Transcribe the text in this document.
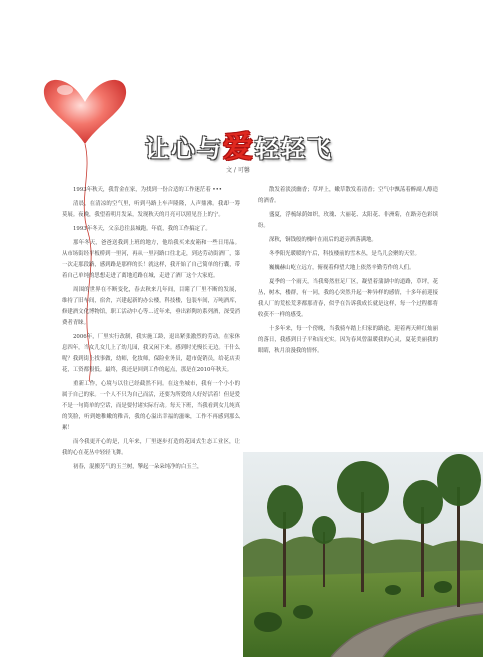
让心与爱轻轻飞
文 / 可馨

1993年秋天，我背金在家，为找到一份合适的工作迷茫着 •••

清晨，在清凉的空气里，听到马路上车声隆隆，人声鼎沸。我却一筹莫展。夜晚，我望着明月发呆，发现秋天的月亮可以照见吾上的宁。

1993年冬天，父亲总往县城跑。年底，我的工作搞定了。

那年冬天，爸爸送我到上班的地方，他给我买来皮箱和一些日用品。从市场街经平板桥到一里河，再从一里河路口往北走，到达劳动街酒厂，第一次走那段路，感到路是那样的长！就这样，我开始了自己简单的行囊，带着自己单纯的思想走进了离地近路在城，走进了酒厂这个大家庭。

周围的世界在不断变化，春去秋来几年间，目睹了厂里不断的发展，维持了旧车间，宿舍，兴建起新的办公楼，科技楼，包装车间，万吨酒库，修建酒文化博物馆，职工活动中心等…近年来，垂出彩陶坊系列酒，深受消费者青睐。

2006年，厂里实行改制，我实施工龄，退出紧张激烈的劳动。在家休息四年，当女儿女儿上了幼儿园，我又闲下来。感到时光慢长无边。干什么呢？我到街上找事做，幼师，化妆师，保险业务员，超市促销员，给花店卖花，工资都很低。最终，我还是回到工作的起点，那是在2010年秋天。

重新工作，心境与以往已经截然不同。在这坐城市，我有一个小小的属于自己的家。一个人不只为自己而活，还要为所爱的人好好活着！但是爱不是一句简单的空话，而是要付诸实际行动。每天下班，当我看到女儿纯真的笑脸，听到她稚嫩的稚音，我的心溢出幸福的滋味，工作不再感到那么累！

而今我更开心的是，几年来，厂里逐步打造的花园式生态工业区，让我的心在花丛中轻轻飞舞。

初春，混搬芳气的玉兰树，擎起一朵朵纯净的白玉兰，

散发着淡淡幽香；草坪上，嫩草散发着清香；空气中飘荡着醉副人醇造的酒香。

盛夏，浮梳绿荫如织，玫瑰、大丽花、太阳花、非洲菊，在路旁色彩缤纷。

深秋，铜钱般的槐叶在雨后的道旁洒落满地。

冬季阳光暖暖的午后，科技楼前的雪木丛，是鸟儿会聚的天堂。

巍巍赫山屹立远方，俯视着仰望大地上依然辛勤劳作的人们。

夏季的一个雨天，当我蓦然驻足厂区，凝望着蒲湖中的道路，草坪，花丛，树木，楼群，有一同，我的心突然升起一种异样的感情，十多年前迎接我人厂的荒松荒茅都那青春，似乎在告诉我成长就是这样，每一个过程都将收获不一样的感受。

十多年来，每一个傍晚，当我骑车踏上归家的路途，迎着两天鲜红灿丽的落日，我感到日子平和而充实。因为春风曾温暖我的心灵，夏花美丽我的眼睛，秋月浪漫我的情怀。
